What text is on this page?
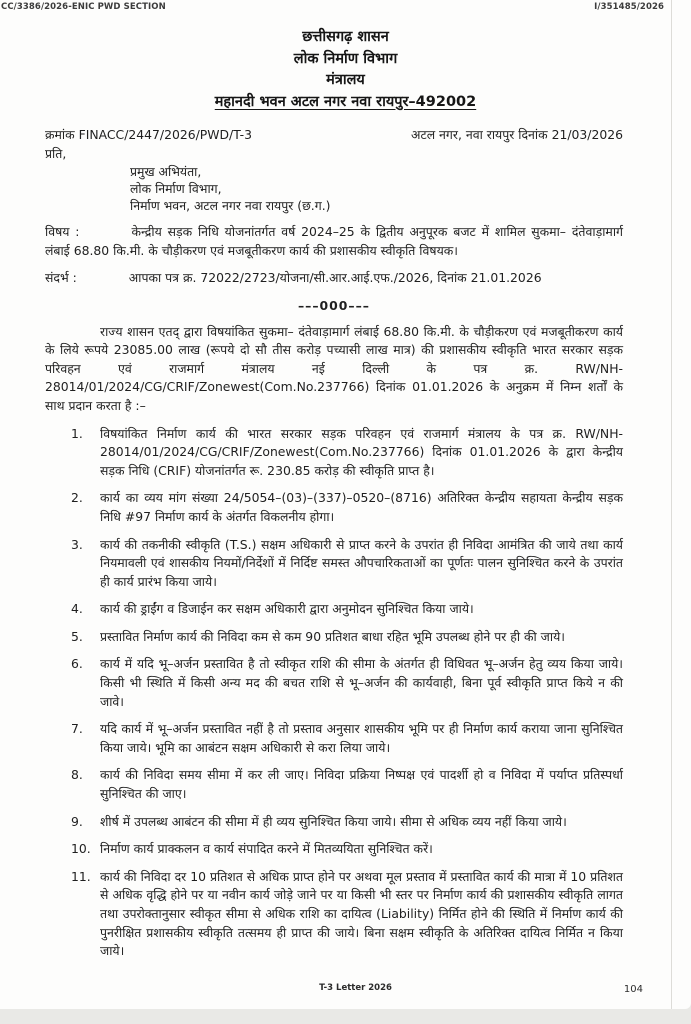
CC/3386/2026-ENIC PWD SECTION	I/351485/2026
छत्तीसगढ़ शासन
लोक निर्माण विभाग
मंत्रालय
महानदी भवन अटल नगर नवा रायपुर–492002
क्रमांक FINACC/2447/2026/PWD/T-3	अटल नगर, नवा रायपुर दिनांक 21/03/2026
प्रति,
प्रमुख अभियंता,
लोक निर्माण विभाग,
निर्माण भवन, अटल नगर नवा रायपुर (छ.ग.)
विषय :	केन्द्रीय सड़क निधि योजनांतर्गत वर्ष 2024–25 के द्वितीय अनुपूरक बजट में शामिल सुकमा– दंतेवाड़ामार्ग लंबाई 68.80 कि.मी. के चौड़ीकरण एवं मजबूतीकरण कार्य की प्रशासकीय स्वीकृति विषयक।
संदर्भ :	आपका पत्र क्र. 72022/2723/योजना/सी.आर.आई.एफ./2026, दिनांक 21.01.2026
–––000–––
राज्य शासन एतद् द्वारा विषयांकित सुकमा– दंतेवाड़ामार्ग लंबाई 68.80 कि.मी. के चौड़ीकरण एवं मजबूतीकरण कार्य के लिये रूपये 23085.00 लाख (रूपये दो सौ तीस करोड़ पच्यासी लाख मात्र) की प्रशासकीय स्वीकृति भारत सरकार सड़क परिवहन एवं राजमार्ग मंत्रालय नई दिल्ली के पत्र क्र. RW/NH-28014/01/2024/CG/CRIF/Zonewest(Com.No.237766) दिनांक 01.01.2026 के अनुक्रम में निम्न शर्तों के साथ प्रदान करता है :–
1.	विषयांकित निर्माण कार्य की भारत सरकार सड़क परिवहन एवं राजमार्ग मंत्रालय के पत्र क्र. RW/NH-28014/01/2024/CG/CRIF/Zonewest(Com.No.237766) दिनांक 01.01.2026 के द्वारा केन्द्रीय सड़क निधि (CRIF) योजनांतर्गत रू. 230.85 करोड़ की स्वीकृति प्राप्त है।
2.	कार्य का व्यय मांग संख्या 24/5054–(03)–(337)–0520–(8716) अतिरिक्त केन्द्रीय सहायता केन्द्रीय सड़क निधि #97 निर्माण कार्य के अंतर्गत विकलनीय होगा।
3.	कार्य की तकनीकी स्वीकृति (T.S.) सक्षम अधिकारी से प्राप्त करने के उपरांत ही निविदा आमंत्रित की जाये तथा कार्य नियमावली एवं शासकीय नियमों/निर्देशों में निर्दिष्ट समस्त औपचारिकताओं का पूर्णतः पालन सुनिश्चित करने के उपरांत ही कार्य प्रारंभ किया जाये।
4.	कार्य की ड्राईंग व डिजाईन कर सक्षम अधिकारी द्वारा अनुमोदन सुनिश्चित किया जाये।
5.	प्रस्तावित निर्माण कार्य की निविदा कम से कम 90 प्रतिशत बाधा रहित भूमि उपलब्ध होने पर ही की जाये।
6.	कार्य में यदि भू–अर्जन प्रस्तावित है तो स्वीकृत राशि की सीमा के अंतर्गत ही विधिवत भू–अर्जन हेतु व्यय किया जाये। किसी भी स्थिति में किसी अन्य मद की बचत राशि से भू–अर्जन की कार्यवाही, बिना पूर्व स्वीकृति प्राप्त किये न की जावे।
7.	यदि कार्य में भू–अर्जन प्रस्तावित नहीं है तो प्रस्ताव अनुसार शासकीय भूमि पर ही निर्माण कार्य कराया जाना सुनिश्चित किया जाये। भूमि का आबंटन सक्षम अधिकारी से करा लिया जाये।
8.	कार्य की निविदा समय सीमा में कर ली जाए। निविदा प्रक्रिया निष्पक्ष एवं पादर्शी हो व निविदा में पर्याप्त प्रतिस्पर्धा सुनिश्चित की जाए।
9.	शीर्ष में उपलब्ध आबंटन की सीमा में ही व्यय सुनिश्चित किया जाये। सीमा से अधिक व्यय नहीं किया जाये।
10. निर्माण कार्य प्राक्कलन व कार्य संपादित करने में मितव्ययिता सुनिश्चित करें।
11. कार्य की निविदा दर 10 प्रतिशत से अधिक प्राप्त होने पर अथवा मूल प्रस्ताव में प्रस्तावित कार्य की मात्रा में 10 प्रतिशत से अधिक वृद्धि होने पर या नवीन कार्य जोड़े जाने पर या किसी भी स्तर पर निर्माण कार्य की प्रशासकीय स्वीकृति लागत तथा उपरोक्तानुसार स्वीकृत सीमा से अधिक राशि का दायित्व (Liability) निर्मित होने की स्थिति में निर्माण कार्य की पुनरीक्षित प्रशासकीय स्वीकृति तत्समय ही प्राप्त की जाये। बिना सक्षम स्वीकृति के अतिरिक्त दायित्व निर्मित न किया जाये।
T-3 Letter 2026	104
